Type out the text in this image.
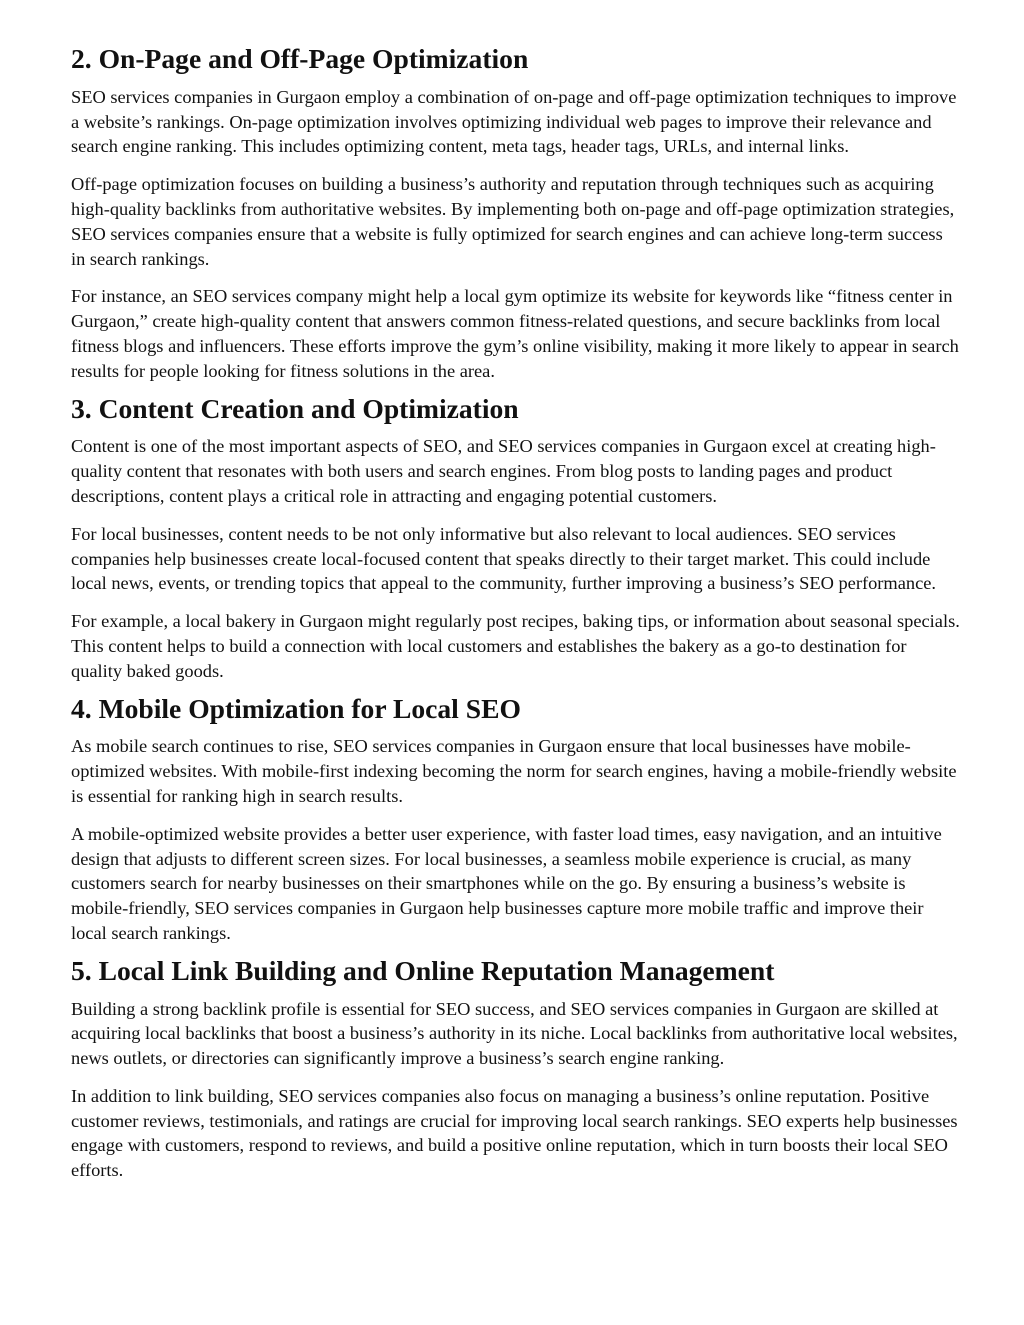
2. On-Page and Off-Page Optimization

SEO services companies in Gurgaon employ a combination of on-page and off-page optimization techniques to improve a website’s rankings. On-page optimization involves optimizing individual web pages to improve their relevance and search engine ranking. This includes optimizing content, meta tags, header tags, URLs, and internal links.

Off-page optimization focuses on building a business’s authority and reputation through techniques such as acquiring high-quality backlinks from authoritative websites. By implementing both on-page and off-page optimization strategies, SEO services companies ensure that a website is fully optimized for search engines and can achieve long-term success in search rankings.

For instance, an SEO services company might help a local gym optimize its website for keywords like “fitness center in Gurgaon,” create high-quality content that answers common fitness-related questions, and secure backlinks from local fitness blogs and influencers. These efforts improve the gym’s online visibility, making it more likely to appear in search results for people looking for fitness solutions in the area.

3. Content Creation and Optimization

Content is one of the most important aspects of SEO, and SEO services companies in Gurgaon excel at creating high-quality content that resonates with both users and search engines. From blog posts to landing pages and product descriptions, content plays a critical role in attracting and engaging potential customers.

For local businesses, content needs to be not only informative but also relevant to local audiences. SEO services companies help businesses create local-focused content that speaks directly to their target market. This could include local news, events, or trending topics that appeal to the community, further improving a business’s SEO performance.

For example, a local bakery in Gurgaon might regularly post recipes, baking tips, or information about seasonal specials. This content helps to build a connection with local customers and establishes the bakery as a go-to destination for quality baked goods.

4. Mobile Optimization for Local SEO

As mobile search continues to rise, SEO services companies in Gurgaon ensure that local businesses have mobile-optimized websites. With mobile-first indexing becoming the norm for search engines, having a mobile-friendly website is essential for ranking high in search results.

A mobile-optimized website provides a better user experience, with faster load times, easy navigation, and an intuitive design that adjusts to different screen sizes. For local businesses, a seamless mobile experience is crucial, as many customers search for nearby businesses on their smartphones while on the go. By ensuring a business’s website is mobile-friendly, SEO services companies in Gurgaon help businesses capture more mobile traffic and improve their local search rankings.

5. Local Link Building and Online Reputation Management

Building a strong backlink profile is essential for SEO success, and SEO services companies in Gurgaon are skilled at acquiring local backlinks that boost a business’s authority in its niche. Local backlinks from authoritative local websites, news outlets, or directories can significantly improve a business’s search engine ranking.

In addition to link building, SEO services companies also focus on managing a business’s online reputation. Positive customer reviews, testimonials, and ratings are crucial for improving local search rankings. SEO experts help businesses engage with customers, respond to reviews, and build a positive online reputation, which in turn boosts their local SEO efforts.
